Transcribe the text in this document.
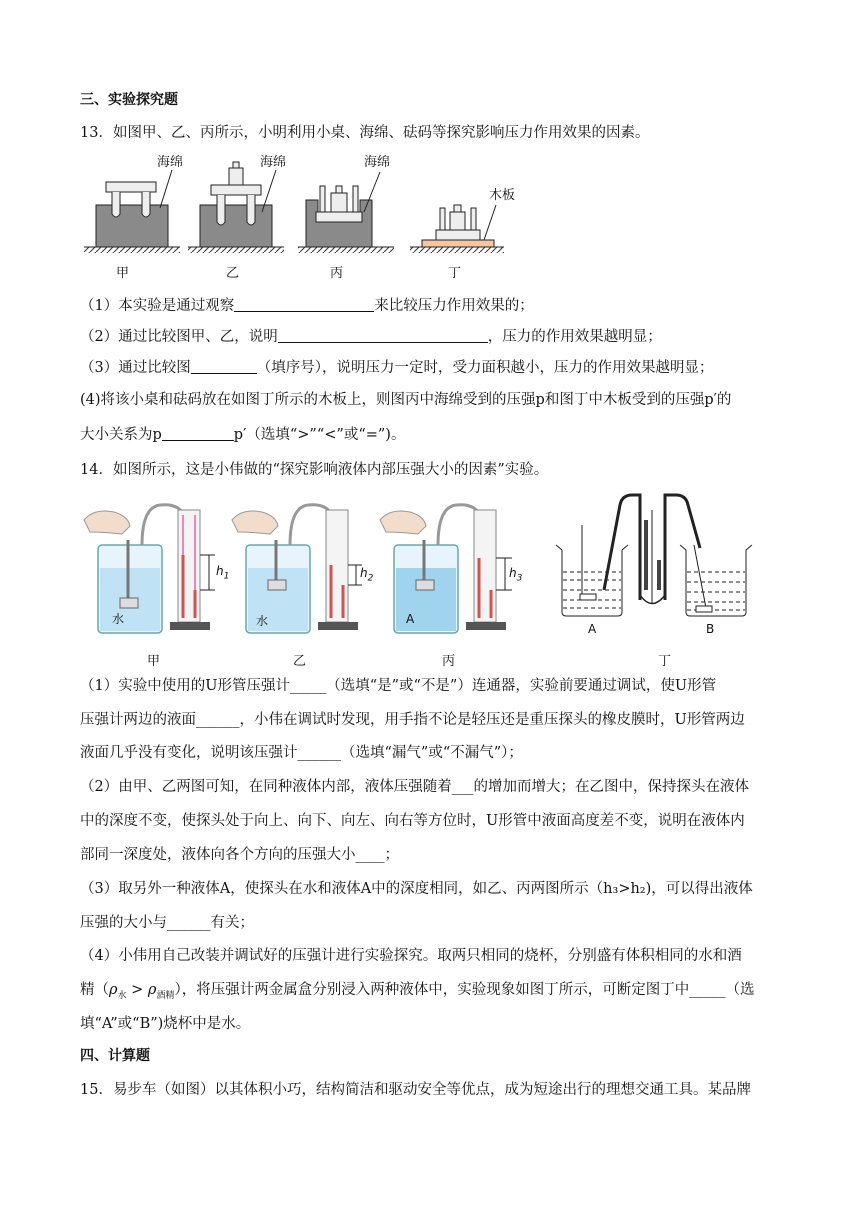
三、实验探究题
13．如图甲、乙、丙所示，小明利用小桌、海绵、砝码等探究影响压力作用效果的因素。
海绵	海绵	海绵
木板
甲	乙	丙	丁
（1）本实验是通过观察	来比较压力作用效果的；
（2）通过比较图甲、乙，说明	，压力的作用效果越明显；
（3）通过比较图	（填序号），说明压力一定时，受力面积越小，压力的作用效果越明显；
(4)将该小桌和砝码放在如图丁所示的木板上，则图丙中海绵受到的压强p和图丁中木板受到的压强p′的
大小关系为p	p′（选填“>”“<”或“=”)。
14．如图所示，这是小伟做的“探究影响液体内部压强大小的因素”实验。
水	水	A
$h_1$	$h_2$	$h_3$
A	B
甲	乙	丙	丁
（1）实验中使用的U形管压强计_____（选填“是”或“不是”）连通器，实验前要通过调试，使U形管
压强计两边的液面______，小伟在调试时发现，用手指不论是轻压还是重压探头的橡皮膜时，U形管两边
液面几乎没有变化，说明该压强计______（选填“漏气”或“不漏气”）；
（2）由甲、乙两图可知，在同种液体内部，液体压强随着___的增加而增大；在乙图中，保持探头在液体
中的深度不变，使探头处于向上、向下、向左、向右等方位时，U形管中液面高度差不变，说明在液体内
部同一深度处，液体向各个方向的压强大小____；
（3）取另外一种液体A，使探头在水和液体A中的深度相同，如乙、丙两图所示（h₃>h₂)，可以得出液体
压强的大小与______有关；
（4）小伟用自己改装并调试好的压强计进行实验探究。取两只相同的烧杯，分别盛有体积相同的水和酒
精$(\rho_水 > \rho_{酒精})$，将压强计两金属盒分别浸入两种液体中，实验现象如图丁所示，可断定图丁中_____（选
填“A”或“B”)烧杯中是水。
四、计算题
15．易步车（如图）以其体积小巧，结构简洁和驱动安全等优点，成为短途出行的理想交通工具。某品牌
